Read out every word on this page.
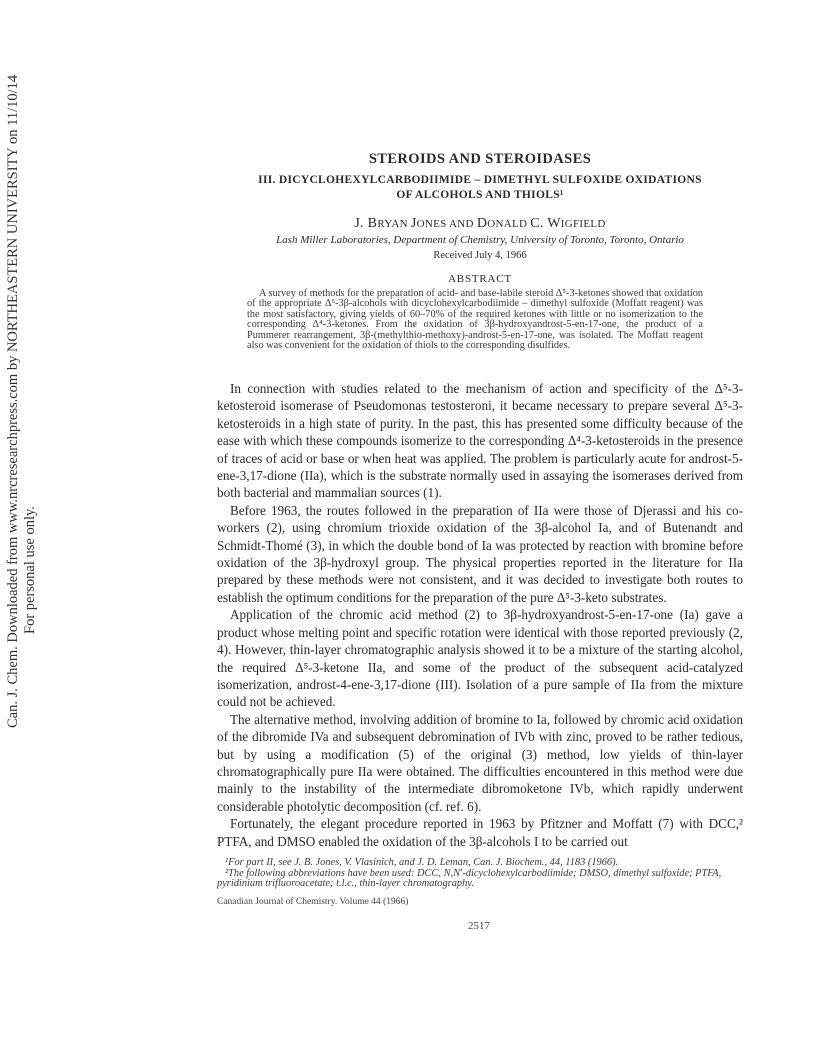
Can. J. Chem. Downloaded from www.nrcresearchpress.com by NORTHEASTERN UNIVERSITY on 11/10/14 For personal use only.
STEROIDS AND STEROIDASES
III. DICYCLOHEXYLCARBODIIMIDE – DIMETHYL SULFOXIDE OXIDATIONS
OF ALCOHOLS AND THIOLS¹
J. BRYAN JONES AND DONALD C. WIGFIELD
Lash Miller Laboratories, Department of Chemistry, University of Toronto, Toronto, Ontario
Received July 4, 1966
ABSTRACT
A survey of methods for the preparation of acid- and base-labile steroid Δ⁵-3-ketones showed that oxidation of the appropriate Δ⁵-3β-alcohols with dicyclohexylcarbodiimide – dimethyl sulfoxide (Moffatt reagent) was the most satisfactory, giving yields of 60–70% of the required ketones with little or no isomerization to the corresponding Δ⁴-3-ketones. From the oxidation of 3β-hydroxyandrost-5-en-17-one, the product of a Pummerer rearrangement, 3β-(methylthio-methoxy)-androst-5-en-17-one, was isolated. The Moffatt reagent also was convenient for the oxidation of thiols to the corresponding disulfides.

In connection with studies related to the mechanism of action and specificity of the Δ⁵-3-ketosteroid isomerase of Pseudomonas testosteroni, it became necessary to prepare several Δ⁵-3-ketosteroids in a high state of purity. In the past, this has presented some difficulty because of the ease with which these compounds isomerize to the corresponding Δ⁴-3-ketosteroids in the presence of traces of acid or base or when heat was applied. The problem is particularly acute for androst-5-ene-3,17-dione (IIa), which is the substrate normally used in assaying the isomerases derived from both bacterial and mammalian sources (1).

Before 1963, the routes followed in the preparation of IIa were those of Djerassi and his co-workers (2), using chromium trioxide oxidation of the 3β-alcohol Ia, and of Butenandt and Schmidt-Thomé (3), in which the double bond of Ia was protected by reaction with bromine before oxidation of the 3β-hydroxyl group. The physical properties reported in the literature for IIa prepared by these methods were not consistent, and it was decided to investigate both routes to establish the optimum conditions for the preparation of the pure Δ⁵-3-keto substrates.

Application of the chromic acid method (2) to 3β-hydroxyandrost-5-en-17-one (Ia) gave a product whose melting point and specific rotation were identical with those reported previously (2, 4). However, thin-layer chromatographic analysis showed it to be a mixture of the starting alcohol, the required Δ⁵-3-ketone IIa, and some of the product of the subsequent acid-catalyzed isomerization, androst-4-ene-3,17-dione (III). Isolation of a pure sample of IIa from the mixture could not be achieved.

The alternative method, involving addition of bromine to Ia, followed by chromic acid oxidation of the dibromide IVa and subsequent debromination of IVb with zinc, proved to be rather tedious, but by using a modification (5) of the original (3) method, low yields of thin-layer chromatographically pure IIa were obtained. The difficulties encountered in this method were due mainly to the instability of the intermediate dibromoketone IVb, which rapidly underwent considerable photolytic decomposition (cf. ref. 6).

Fortunately, the elegant procedure reported in 1963 by Pfitzner and Moffatt (7) with DCC,² PTFA, and DMSO enabled the oxidation of the 3β-alcohols I to be carried out

¹For part II, see J. B. Jones, V. Vlasinich, and J. D. Leman, Can. J. Biochem., 44, 1183 (1966).
²The following abbreviations have been used: DCC, N,N′-dicyclohexylcarbodiimide; DMSO, dimethyl sulfoxide; PTFA, pyridinium trifluoroacetate; t.l.c., thin-layer chromatography.
Canadian Journal of Chemistry. Volume 44 (1966)
2517
